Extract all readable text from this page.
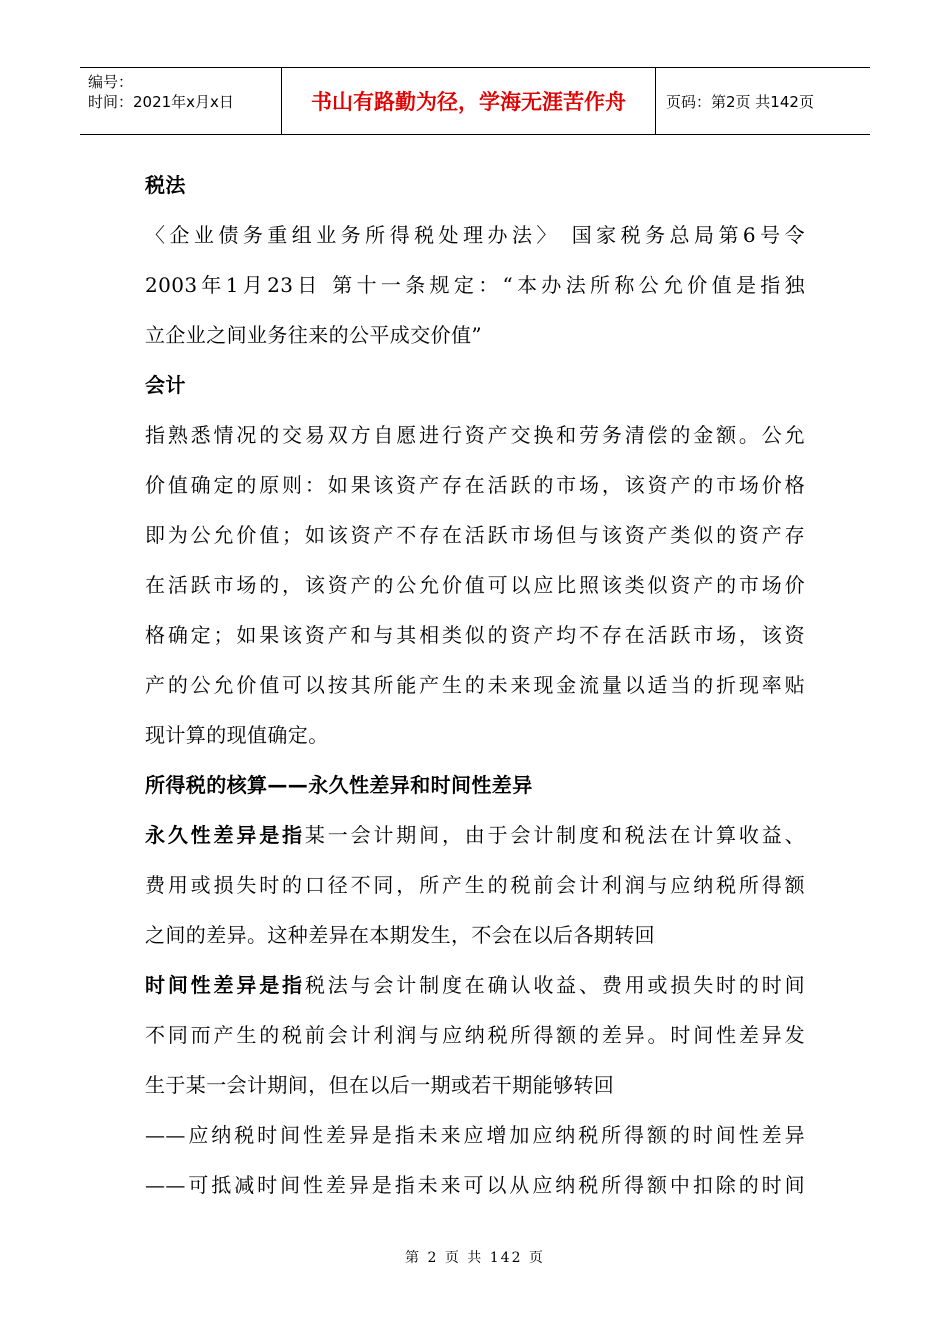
编号：
时间：2021年x月x日	书山有路勤为径，学海无涯苦作舟	页码：第2页 共142页
税法
〈企业债务重组业务所得税处理办法〉 国家税务总局第6号令
2003年1月23日 第十一条规定：“本办法所称公允价值是指独
立企业之间业务往来的公平成交价值”
会计
指熟悉情况的交易双方自愿进行资产交换和劳务清偿的金额。公允
价值确定的原则：如果该资产存在活跃的市场，该资产的市场价格
即为公允价值；如该资产不存在活跃市场但与该资产类似的资产存
在活跃市场的，该资产的公允价值可以应比照该类似资产的市场价
格确定；如果该资产和与其相类似的资产均不存在活跃市场，该资
产的公允价值可以按其所能产生的未来现金流量以适当的折现率贴
现计算的现值确定。
所得税的核算——永久性差异和时间性差异
永久性差异是指某一会计期间，由于会计制度和税法在计算收益、
费用或损失时的口径不同，所产生的税前会计利润与应纳税所得额
之间的差异。这种差异在本期发生，不会在以后各期转回
时间性差异是指税法与会计制度在确认收益、费用或损失时的时间
不同而产生的税前会计利润与应纳税所得额的差异。时间性差异发
生于某一会计期间，但在以后一期或若干期能够转回
——应纳税时间性差异是指未来应增加应纳税所得额的时间性差异
——可抵减时间性差异是指未来可以从应纳税所得额中扣除的时间
第 2 页 共 142 页
